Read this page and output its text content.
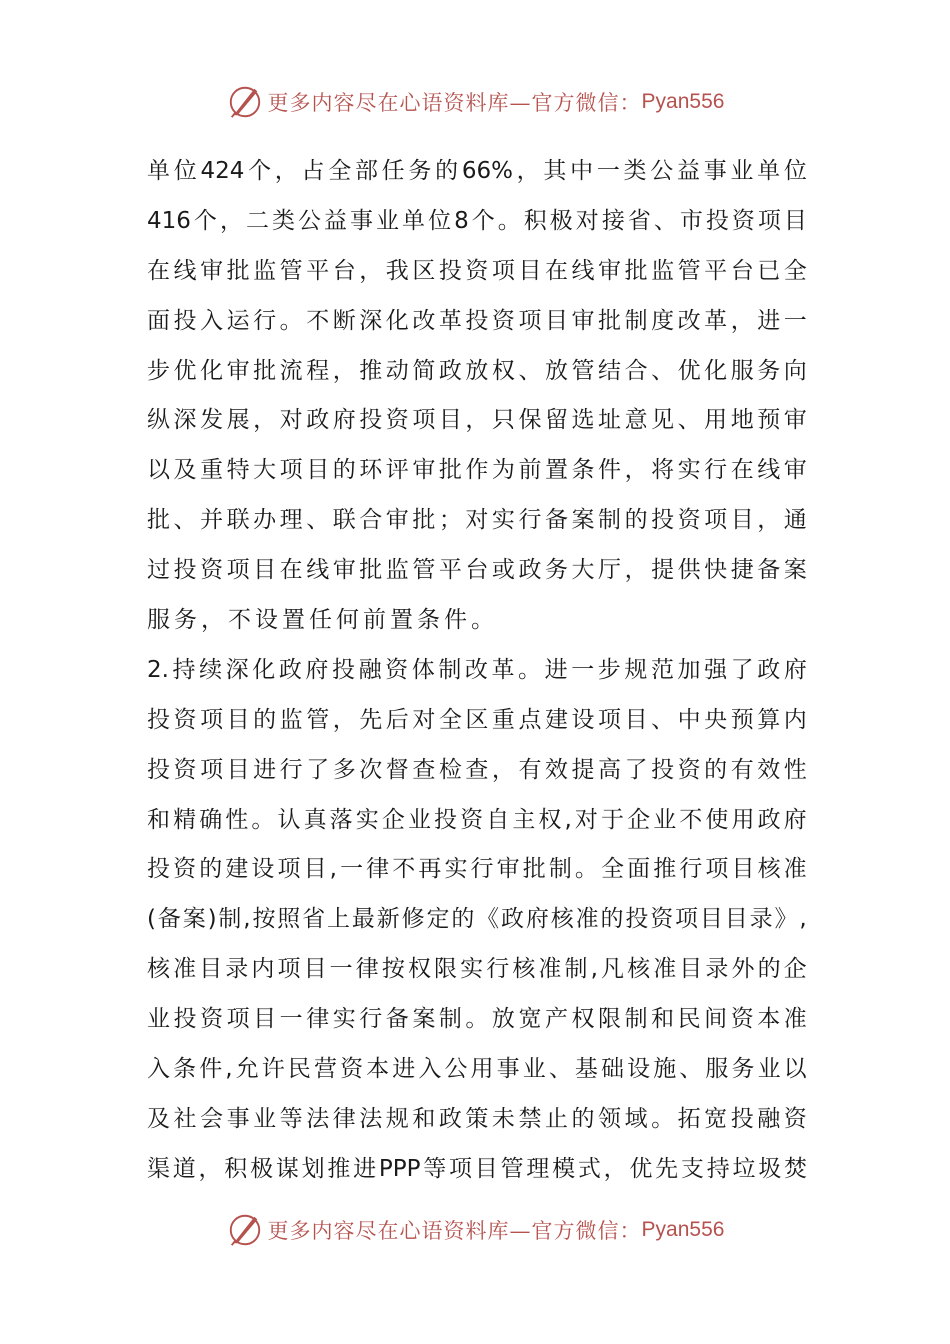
更多内容尽在心语资料库—官方微信： Pyan556
单 位 424 个 ， 占 全 部 任 务 的 66% ， 其 中 一 类 公 益 事 业 单 位
416 个 ， 二 类 公 益 事 业 单 位 8 个 。 积 极 对 接 省 、 市 投 资 项 目
在 线 审 批 监 管 平 台 ， 我 区 投 资 项 目 在 线 审 批 监 管 平 台 已 全
面 投 入 运 行 。 不 断 深 化 改 革 投 资 项 目 审 批 制 度 改 革 ， 进 一
步 优 化 审 批 流 程 ， 推 动 简 政 放 权 、 放 管 结 合 、 优 化 服 务 向
纵 深 发 展 ， 对 政 府 投 资 项 目 ， 只 保 留 选 址 意 见 、 用 地 预 审
以 及 重 特 大 项 目 的 环 评 审 批 作 为 前 置 条 件 ， 将 实 行 在 线 审
批 、 并 联 办 理 、 联 合 审 批 ； 对 实 行 备 案 制 的 投 资 项 目 ， 通
过 投 资 项 目 在 线 审 批 监 管 平 台 或 政 务 大 厅 ， 提 供 快 捷 备 案
服务，不设置任何前置条件。
2. 持 续 深 化 政 府 投 融 资 体 制 改 革 。 进 一 步 规 范 加 强 了 政 府
投 资 项 目 的 监 管 ， 先 后 对 全 区 重 点 建 设 项 目 、 中 央 预 算 内
投 资 项 目 进 行 了 多 次 督 查 检 查 ， 有 效 提 高 了 投 资 的 有 效 性
和 精 确 性 。 认 真 落 实 企 业 投 资 自 主 权 , 对 于 企 业 不 使 用 政 府
投 资 的 建 设 项 目 , 一 律 不 再 实 行 审 批 制 。 全 面 推 行 项 目 核 准
( 备 案 ) 制 , 按 照 省 上 最 新 修 定 的 《 政 府 核 准 的 投 资 项 目 目 录 》 ,
核 准 目 录 内 项 目 一 律 按 权 限 实 行 核 准 制 , 凡 核 准 目 录 外 的 企
业 投 资 项 目 一 律 实 行 备 案 制 。 放 宽 产 权 限 制 和 民 间 资 本 准
入 条 件 , 允 许 民 营 资 本 进 入 公 用 事 业 、 基 础 设 施 、 服 务 业 以
及 社 会 事 业 等 法 律 法 规 和 政 策 未 禁 止 的 领 域 。 拓 宽 投 融 资
渠 道 ， 积 极 谋 划 推 进 PPP 等 项 目 管 理 模 式 ， 优 先 支 持 垃 圾 焚
更多内容尽在心语资料库—官方微信： Pyan556
